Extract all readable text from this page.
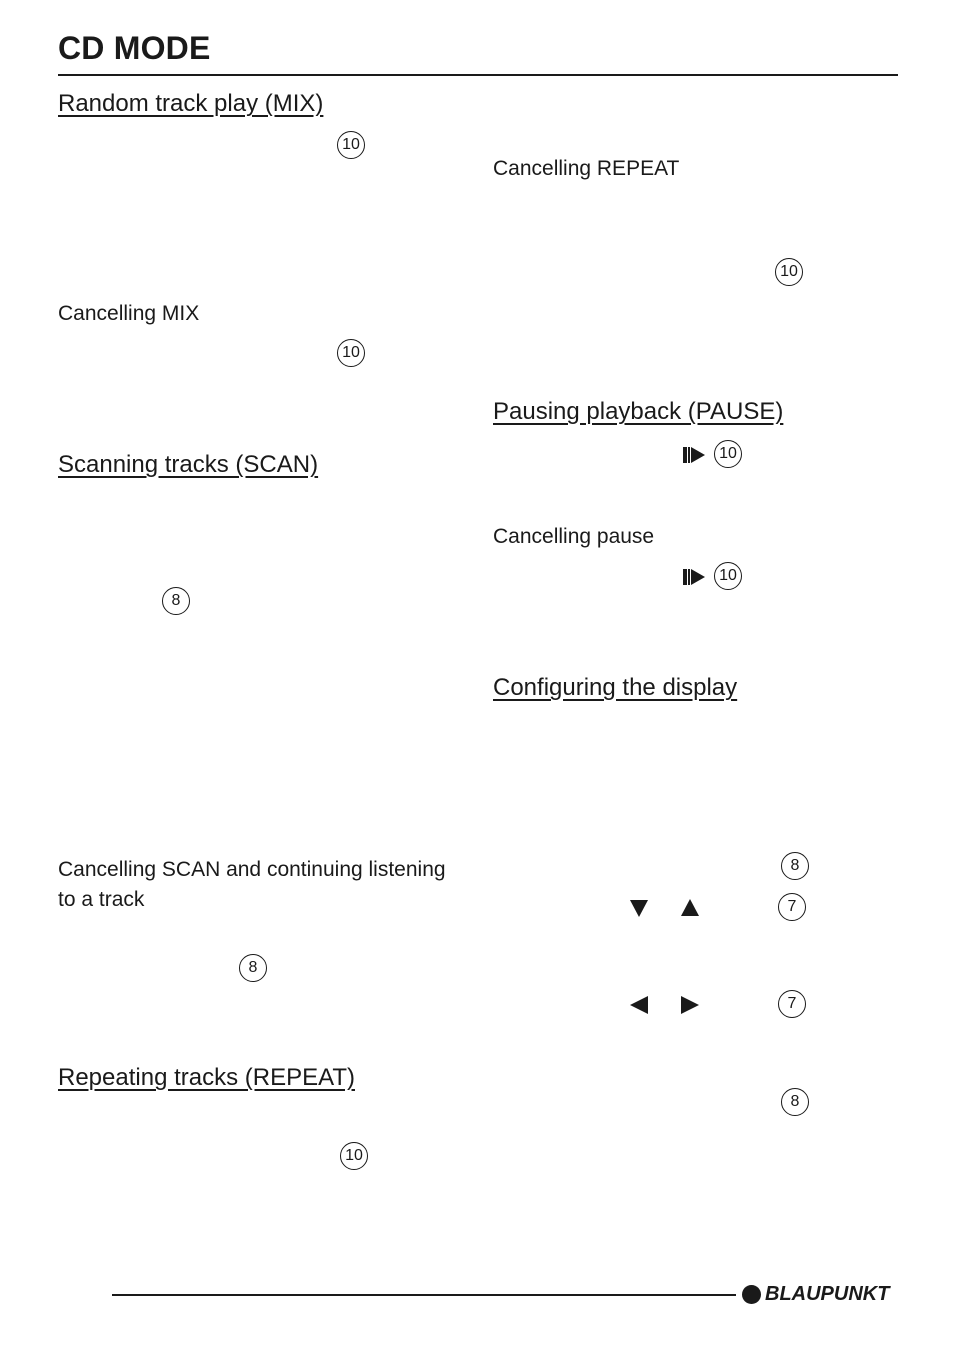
CD MODE
Random track play (MIX)
10
Cancelling MIX
10
Scanning tracks (SCAN)
8
Cancelling SCAN and continuing listening to a track
8
Repeating tracks (REPEAT)
10
Cancelling REPEAT
10
Pausing playback (PAUSE)
10
Cancelling pause
10
Configuring the display
8
7
7
8
BLAUPUNKT
